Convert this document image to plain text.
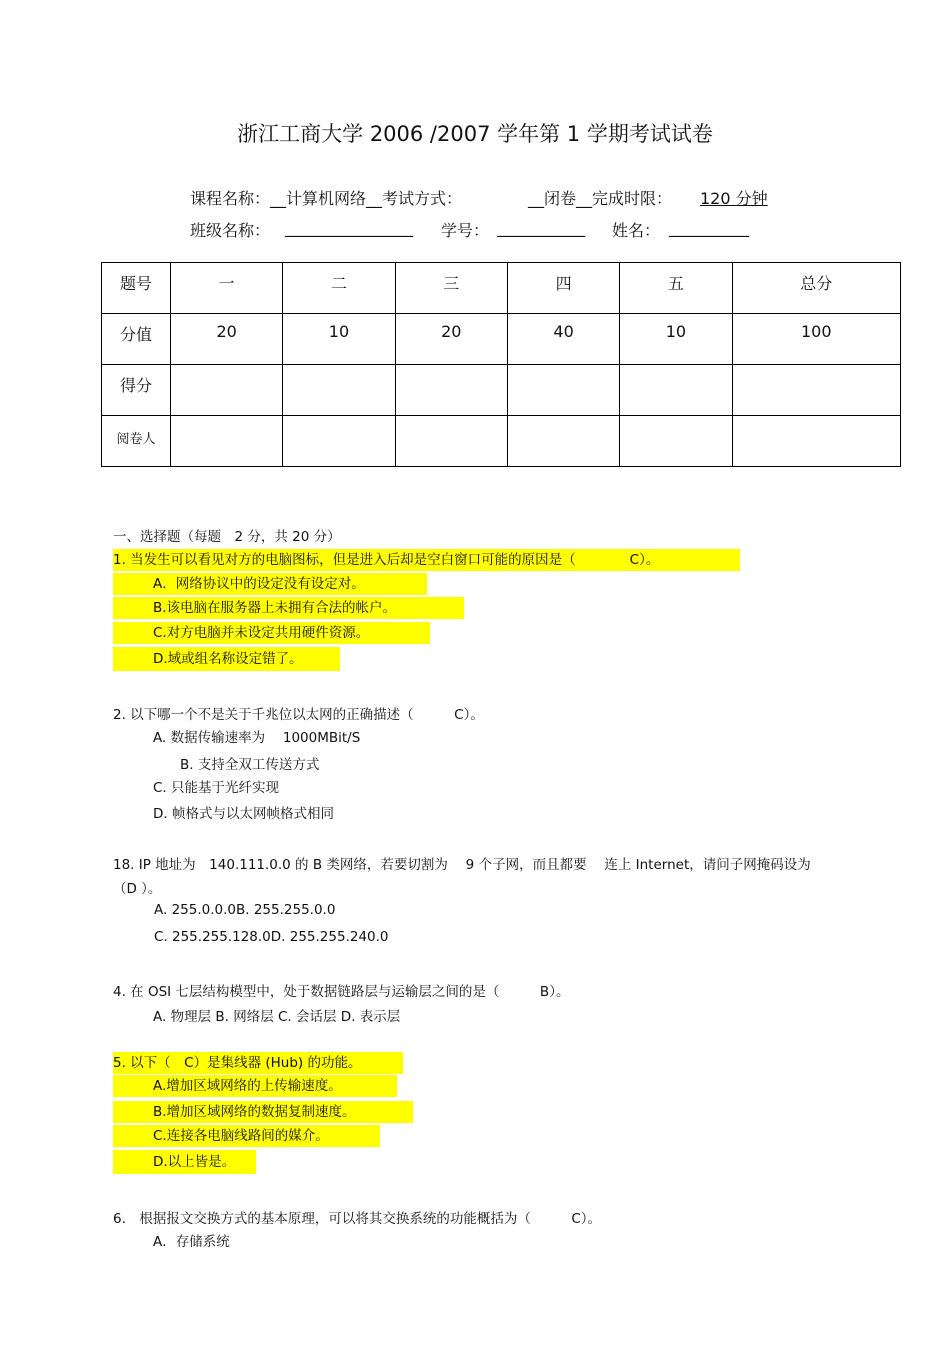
浙江工商大学 2006 /2007 学年第 1 学期考试试卷
课程名称：__计算机网络__考试方式：	__闭卷__完成时限： 120 分钟
班级名称： ________________ 学号： ___________ 姓名： __________
题号	一	二	三	四	五	总分
分值	20	10	20	40	10	100
得分						
阅卷人						
一、选择题（每题　2 分，共 20 分）
1. 当发生可以看见对方的电脑图标，但是进入后却是空白窗口可能的原因是（　　　　C）。
A．网络协议中的设定没有设定对。
B.该电脑在服务器上未拥有合法的帐户。
C.对方电脑并未设定共用硬件资源。
D.域或组名称设定错了。
2. 以下哪一个不是关于千兆位以太网的正确描述（　　　C）。
A. 数据传输速率为　 1000MBit/S
B. 支持全双工传送方式
C. 只能基于光纤实现
D. 帧格式与以太网帧格式相同
18. IP 地址为　140.111.0.0 的 B 类网络，若要切割为　 9 个子网，而且都要　 连上 Internet，请问子网掩码设为
（D ）。
A. 255.0.0.0B. 255.255.0.0
C. 255.255.128.0D. 255.255.240.0
4. 在 OSI 七层结构模型中，处于数据链路层与运输层之间的是（　　　B）。
A. 物理层 B. 网络层 C. 会话层 D. 表示层
5. 以下（　C）是集线器 (Hub) 的功能。
A.增加区域网络的上传输速度。
B.增加区域网络的数据复制速度。
C.连接各电脑线路间的媒介。
D.以上皆是。
6.　根据报文交换方式的基本原理，可以将其交换系统的功能概括为（　　　C）。
A．存储系统
